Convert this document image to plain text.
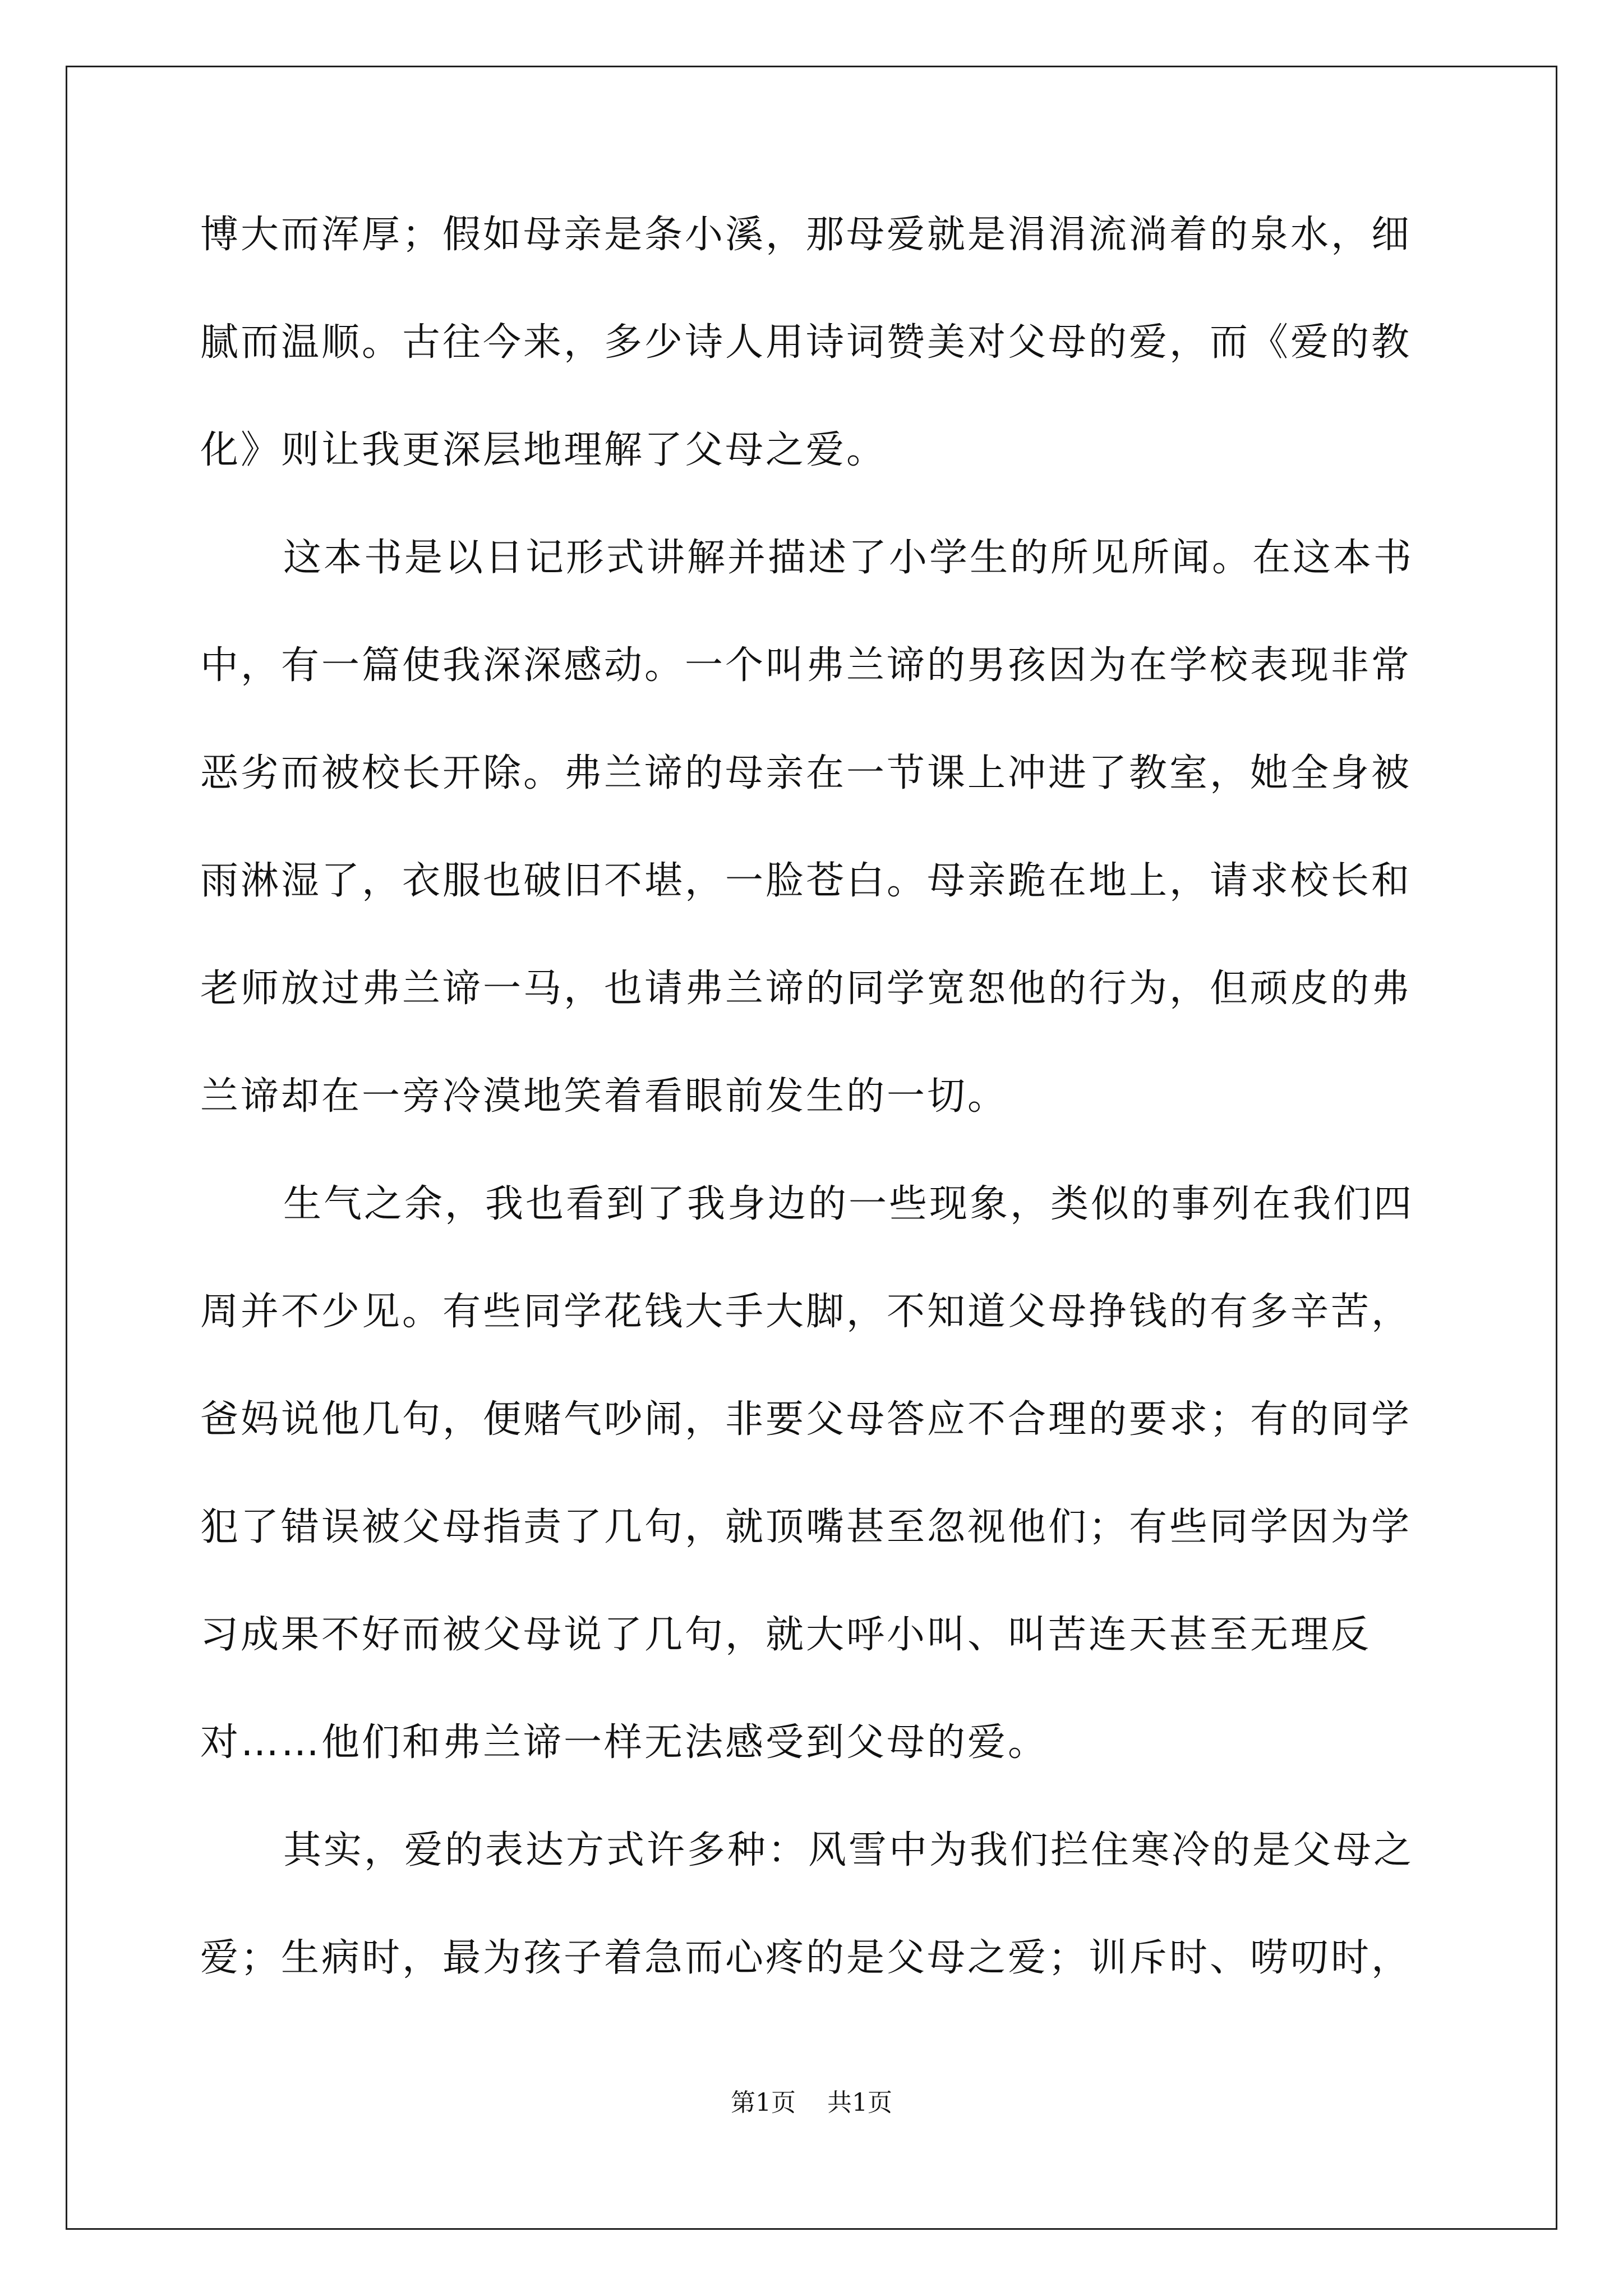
博大而浑厚；假如母亲是条小溪，那母爱就是涓涓流淌着的泉水，细
腻而温顺。古往今来，多少诗人用诗词赞美对父母的爱，而《爱的教
化》则让我更深层地理解了父母之爱。
这本书是以日记形式讲解并描述了小学生的所见所闻。在这本书
中，有一篇使我深深感动。一个叫弗兰谛的男孩因为在学校表现非常
恶劣而被校长开除。弗兰谛的母亲在一节课上冲进了教室，她全身被
雨淋湿了，衣服也破旧不堪，一脸苍白。母亲跪在地上，请求校长和
老师放过弗兰谛一马，也请弗兰谛的同学宽恕他的行为，但顽皮的弗
兰谛却在一旁冷漠地笑着看眼前发生的一切。
生气之余，我也看到了我身边的一些现象，类似的事列在我们四
周并不少见。有些同学花钱大手大脚，不知道父母挣钱的有多辛苦，
爸妈说他几句，便赌气吵闹，非要父母答应不合理的要求；有的同学
犯了错误被父母指责了几句，就顶嘴甚至忽视他们；有些同学因为学
习成果不好而被父母说了几句，就大呼小叫、叫苦连天甚至无理反
对……他们和弗兰谛一样无法感受到父母的爱。
其实，爱的表达方式许多种：风雪中为我们拦住寒冷的是父母之
爱；生病时，最为孩子着急而心疼的是父母之爱；训斥时、唠叨时，
第1页 共1页
